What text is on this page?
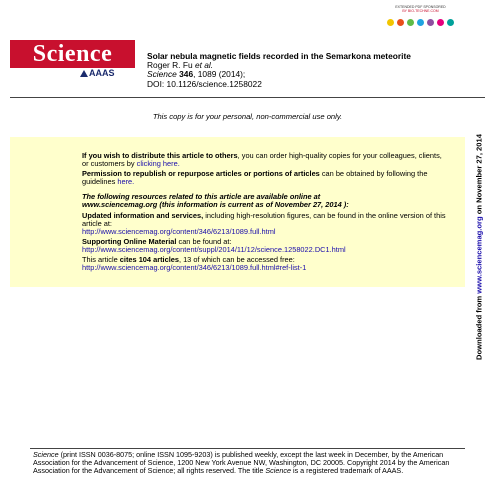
EXTENDED PDF SPONSORED
BY BIO-TECHNE.COM
Science
AAAS
Solar nebula magnetic fields recorded in the Semarkona meteorite
Roger R. Fu et al.
Science 346, 1089 (2014);
DOI: 10.1126/science.1258022
This copy is for your personal, non-commercial use only.

If you wish to distribute this article to others, you can order high-quality copies for your colleagues, clients, or customers by clicking here.

Permission to republish or repurpose articles or portions of articles can be obtained by following the guidelines here.

The following resources related to this article are available online at

www.sciencemag.org (this information is current as of November 27, 2014 ):

Updated information and services, including high-resolution figures, can be found in the online version of this article at:

http://www.sciencemag.org/content/346/6213/1089.full.html

Supporting Online Material can be found at:

http://www.sciencemag.org/content/suppl/2014/11/12/science.1258022.DC1.html

This article cites 104 articles, 13 of which can be accessed free:

http://www.sciencemag.org/content/346/6213/1089.full.html#ref-list-1

Downloaded from www.sciencemag.org on November 27, 2014
Science (print ISSN 0036-8075; online ISSN 1095-9203) is published weekly, except the last week in December, by the American Association for the Advancement of Science, 1200 New York Avenue NW, Washington, DC 20005. Copyright 2014 by the American Association for the Advancement of Science; all rights reserved. The title Science is a registered trademark of AAAS.
